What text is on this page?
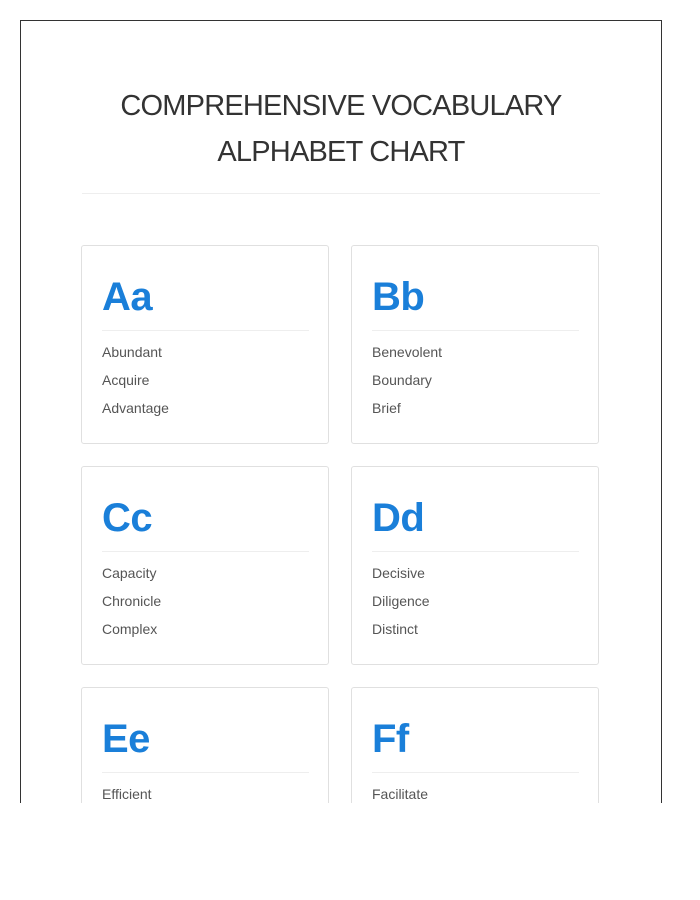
COMPREHENSIVE VOCABULARY
ALPHABET CHART
Aa
Abundant
Acquire
Advantage
Bb
Benevolent
Boundary
Brief
Cc
Capacity
Chronicle
Complex
Dd
Decisive
Diligence
Distinct
Ee
Efficient
Ff
Facilitate
